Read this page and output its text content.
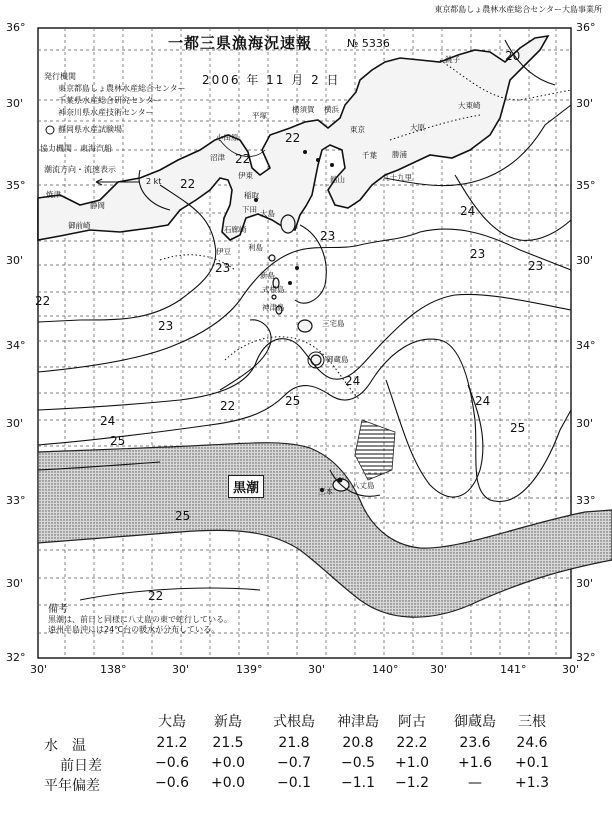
20
22
22
22
22
23
23
23
23
24
24
24
24
25
25
25
25
22
23
22
焼津
御前崎
静岡
沼津
伊東
稲取
下田
石廊崎
小田原
平塚
横須賀 横浜
東京
千葉
館山
勝浦
大原
銚子
大東崎
九十九里
大島
利島
新島
式根島
神津島
三宅島
御蔵島
八丈島
三本
伊豆
東京都島しょ農林水産総合センター大島事業所
一都三県漁海況速報	№ 5336
2006 年 11 月 2 日
発行機関
東京都島しょ農林水産総合センター
千葉県水産総合研究センター
神奈川県水産技術センター
静岡県水産試験場
協力機関　東海汽船
潮流方向・流速表示
2 kt
黒潮
備考
黒潮は、前日と同様に八丈島の東で蛇行している。
遠州半島沖には24℃台の暖水が分布している。
36°
30'
35°
30'
34°
30'
33°
30'
32°
36°
30'
35°
30'
34°
30'
33°
30'
32°
30'	138°	30'	139°	30'	140°	30'	141°	30'
大島	新島	式根島	神津島	阿古	御蔵島	三根
水　温	21.2	21.5	21.8	20.8	22.2	23.6	24.6
前日差	−0.6	+0.0	−0.7	−0.5	+1.0	+1.6	+0.1
平年偏差	−0.6	+0.0	−0.1	−1.1	−1.2	—	+1.3
